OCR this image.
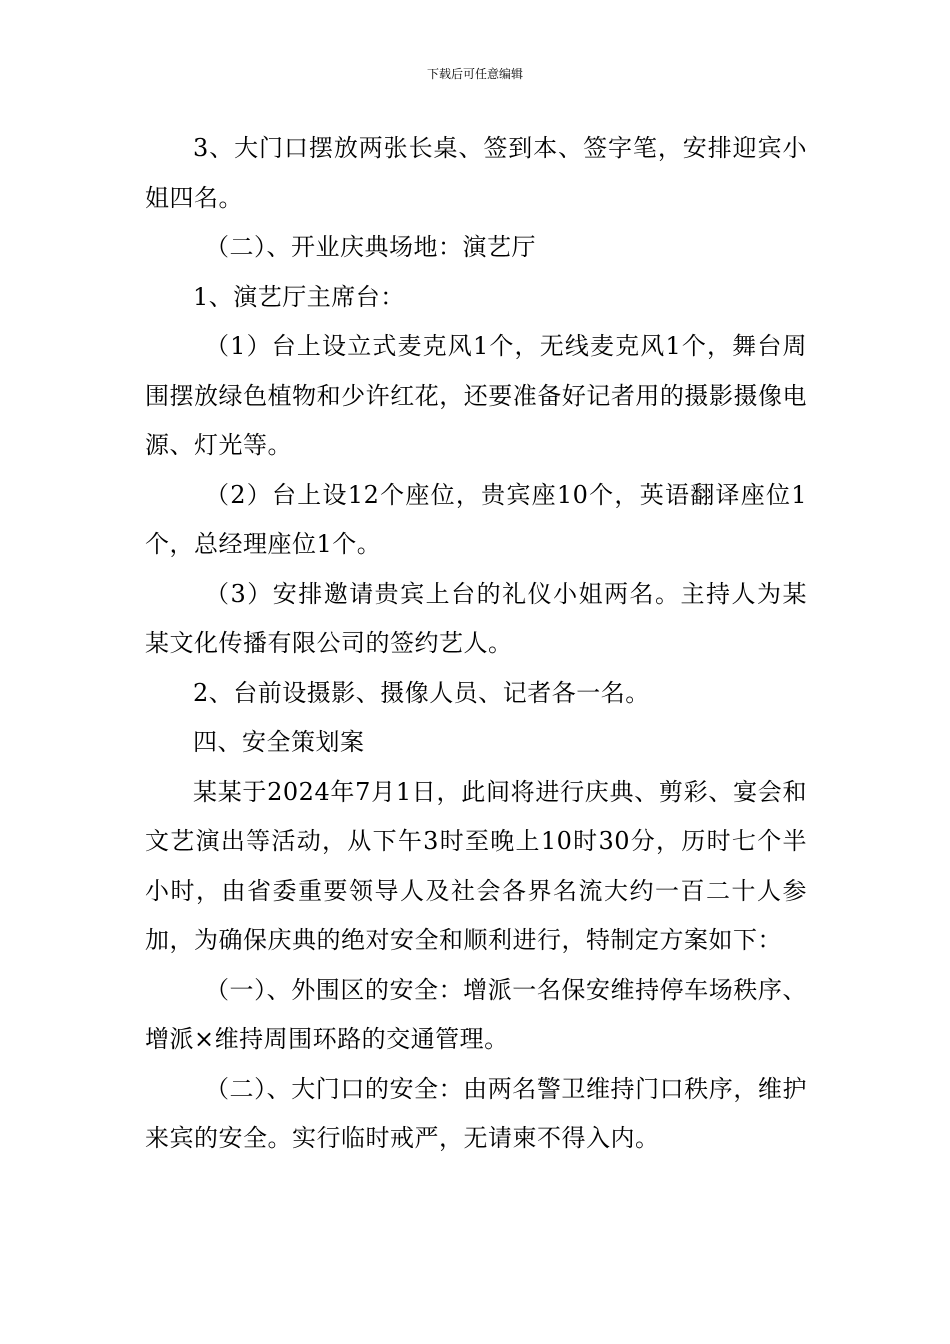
下载后可任意编辑

3、大门口摆放两张长桌、签到本、签字笔，安排迎宾小姐四名。

（二）、开业庆典场地：演艺厅

1、演艺厅主席台：

（1）台上设立式麦克风1个，无线麦克风1个，舞台周围摆放绿色植物和少许红花，还要准备好记者用的摄影摄像电源、灯光等。

（2）台上设12个座位，贵宾座10个，英语翻译座位1个，总经理座位1个。

（3）安排邀请贵宾上台的礼仪小姐两名。主持人为某某文化传播有限公司的签约艺人。

2、台前设摄影、摄像人员、记者各一名。

四、安全策划案

某某于2024年7月1日，此间将进行庆典、剪彩、宴会和文艺演出等活动，从下午3时至晚上10时30分，历时七个半小时，由省委重要领导人及社会各界名流大约一百二十人参加，为确保庆典的绝对安全和顺利进行，特制定方案如下：

（一）、外围区的安全：增派一名保安维持停车场秩序、增派×维持周围环路的交通管理。

（二）、大门口的安全：由两名警卫维持门口秩序，维护来宾的安全。实行临时戒严，无请柬不得入内。
